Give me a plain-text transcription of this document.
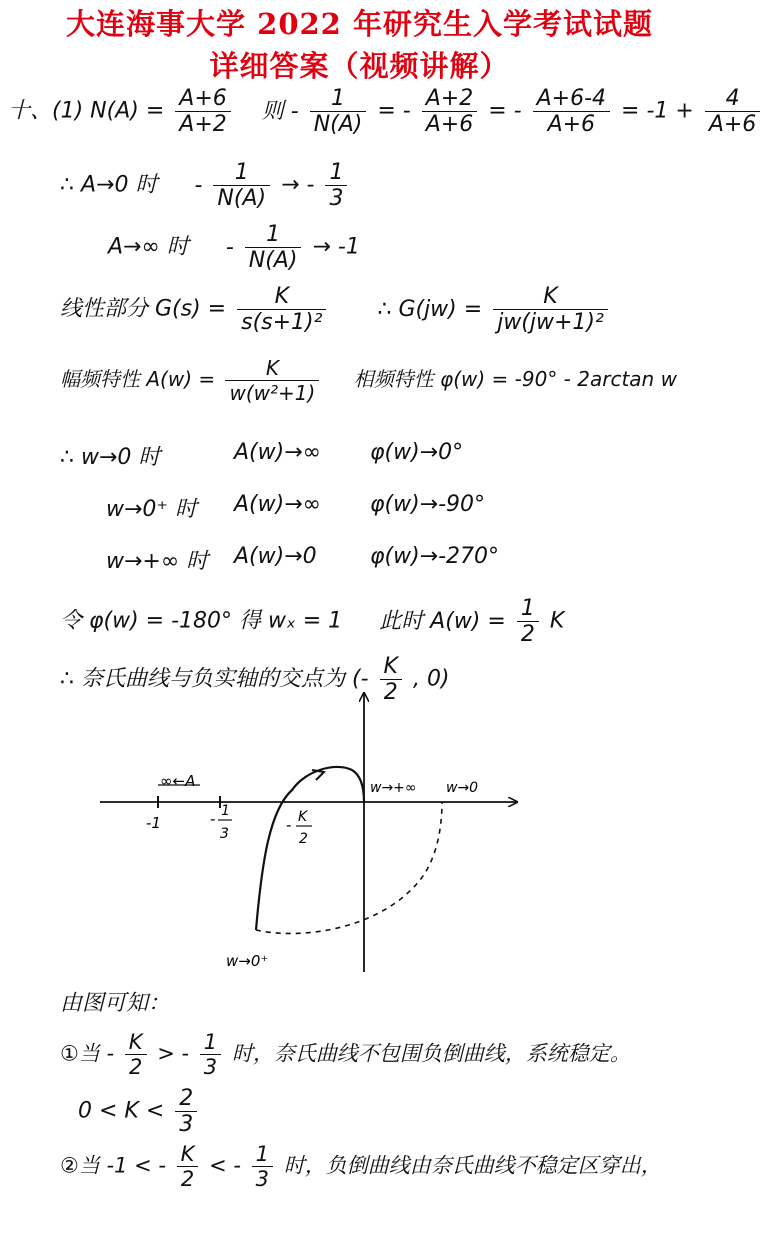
大连海事大学 2022 年研究生入学考试试题
详细答案（视频讲解）
十、(1) $N(A) = \frac{A+6}{A+2}$ 则 - $\frac{1}{N(A)}$ = - $\frac{A+2}{A+6}$ = - $\frac{A+6-4}{A+6} = -1 + \frac{4}{A+6}$
∴ A→0 时 - $\frac{1}{N(A)}$ → - $\frac{1}{3}$
A→∞ 时 - $\frac{1}{N(A)} \to -1$
线性部分 $G(s) = \frac{K}{\text{s(s+1)²}}$ ∴ $G(jw) = \frac{K}{\text{jw(jw+1)²}}$
幅频特性 $A(w) = \frac{K}{\text{w(w²+1)}}$ 相频特性 φ(w) = -90° - 2arctan w
∴ w→0 时	A(w)→∞ φ(w)→0°
w→0⁺ 时 A(w)→∞ φ(w)→-90°
w→+∞ 时 A(w)→0 φ(w)→-270°
令 φ(w) = -180° 得 wₓ = 1 此时 $A(w) = \frac{1}{2}$ K
∴ 奈氏曲线与负实轴的交点为 (- $\frac{K}{2}$ , 0)
∞←A
-1	- 1
3	- K
2
w→+∞ w→0
w→0⁺
由图可知：
①当 - $\frac{K}{2}$ > - $\frac{1}{3}$ 时，奈氏曲线不包围负倒曲线，系统稳定。
$0 < K < \frac{2}{3}$
②当 -1 < - $\frac{K}{2}$ < - $\frac{1}{3}$ 时，负倒曲线由奈氏曲线不稳定区穿出，
